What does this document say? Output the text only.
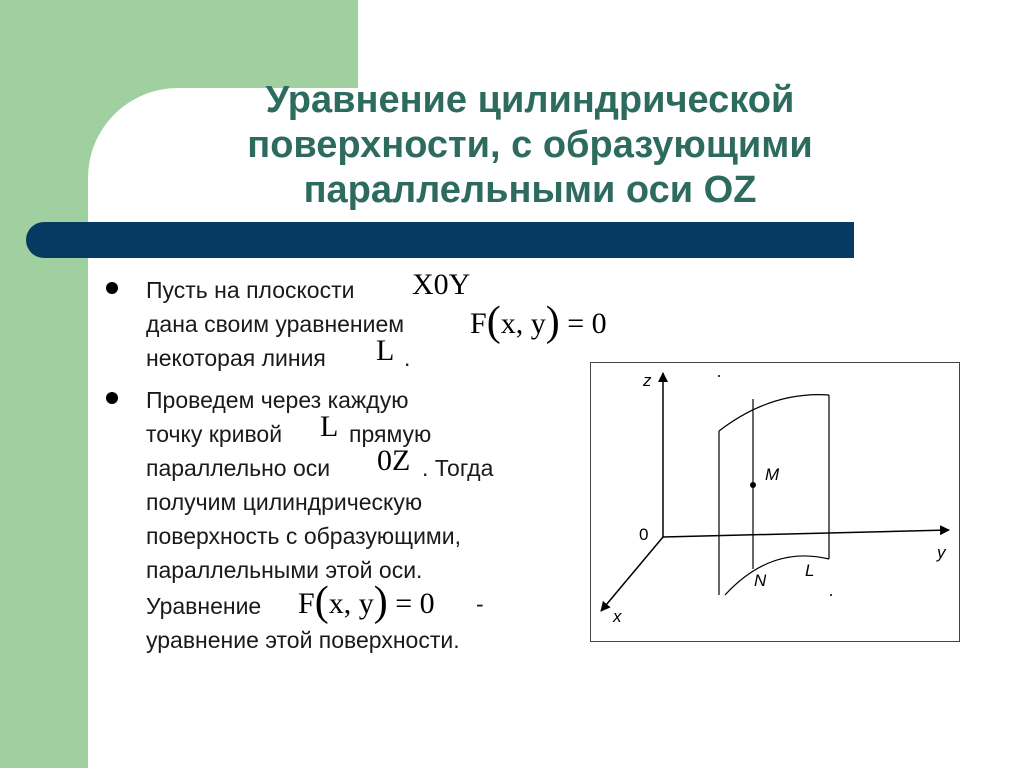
Уравнение цилиндрической
поверхности, с образующими
параллельными оси OZ
Пусть на плоскости X0Y
дана своим уравнением F(x, y) = 0
некоторая линия L .
Проведем через каждую
точку кривой L прямую
параллельно оси 0Z . Тогда
получим цилиндрическую
поверхность с образующими,
параллельными этой оси.
Уравнение F(x, y) = 0 -
уравнение этой поверхности.
z
0
y
x
M
N
L
